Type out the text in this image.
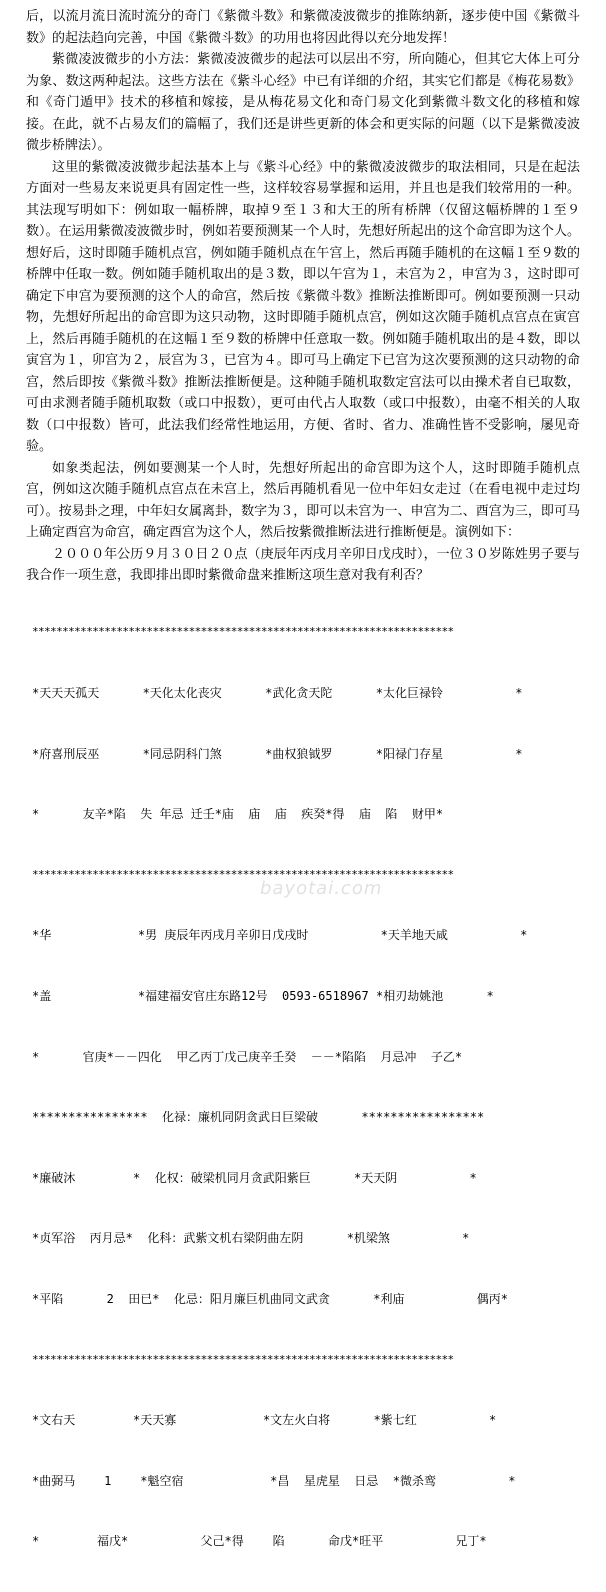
后，以流月流日流时流分的奇门《紫微斗数》和紫微凌波微步的推陈纳新，逐步使中国《紫微斗数》的起法趋向完善，中国《紫微斗数》的功用也将因此得以充分地发挥！

紫微凌波微步的小方法：紫微凌波微步的起法可以层出不穷，所向随心，但其它大体上可分为象、数这两种起法。这些方法在《紫斗心经》中已有详细的介绍，其实它们都是《梅花易数》和《奇门遁甲》技术的移植和嫁接，是从梅花易文化和奇门易文化到紫微斗数文化的移植和嫁接。在此，就不占易友们的篇幅了，我们还是讲些更新的体会和更实际的问题（以下是紫微凌波微步桥牌法）。

这里的紫微凌波微步起法基本上与《紫斗心经》中的紫微凌波微步的取法相同，只是在起法方面对一些易友来说更具有固定性一些，这样较容易掌握和运用，并且也是我们较常用的一种。其法现写明如下：例如取一幅桥牌，取掉９至１３和大王的所有桥牌（仅留这幅桥牌的１至９数）。在运用紫微凌波微步时，例如若要预测某一个人时，先想好所起出的这个命宫即为这个人。想好后，这时即随手随机点宫，例如随手随机点在午宫上，然后再随手随机的在这幅１至９数的桥牌中任取一数。例如随手随机取出的是３数，即以午宫为１，未宫为２，申宫为３，这时即可确定下申宫为要预测的这个人的命宫，然后按《紫微斗数》推断法推断即可。例如要预测一只动物，先想好所起出的命宫即为这只动物，这时即随手随机点宫，例如这次随手随机点宫点在寅宫上，然后再随手随机的在这幅１至９数的桥牌中任意取一数。例如随手随机取出的是４数，即以寅宫为１，卯宫为２，辰宫为３，已宫为４。即可马上确定下已宫为这次要预测的这只动物的命宫，然后即按《紫微斗数》推断法推断便是。这种随手随机取数定宫法可以由操术者自已取数，可由求测者随手随机取数（或口中报数），更可由代占人取数（或口中报数），由毫不相关的人取数（口中报数）皆可，此法我们经常性地运用，方便、省时、省力、准确性皆不受影响，屡见奇验。

如象类起法，例如要测某一个人时，先想好所起出的命宫即为这个人，这时即随手随机点宫，例如这次随手随机点宫点在未宫上，然后再随机看见一位中年妇女走过（在看电视中走过均可）。按易卦之理，中年妇女属离卦，数字为３，即可以未宫为一、申宫为二、酉宫为三，即可马上确定酉宫为命宫，确定酉宫为这个人，然后按紫微推断法进行推断便是。演例如下：

２０００年公历９月３０日２０点（庚辰年丙戌月辛卯日戊戌时），一位３０岁陈姓男子要与我合作一项生意，我即排出即时紫微命盘来推断这项生意对我有利否？

**********************************************************************

*天天天孤天      *天化太化丧灾      *武化贪天陀      *太化巨禄铃          *

*府喜刑辰巫      *同忌阴科门煞      *曲权狼钺罗      *阳禄门存星          *

*      友辛*陷  失 年忌 迁壬*庙  庙  庙  疾癸*得  庙  陷  财甲*

**********************************************************************

*华            *男 庚辰年丙戌月辛卯日戊戌时          *天羊地天咸          *

*盖            *福建福安官庄东路12号  0593-6518967 *相刃劫姚池      *

*      官庚*－－四化  甲乙丙丁戊己庚辛壬癸  －－*陷陷  月忌冲  子乙*

****************  化禄：廉机同阴贪武日巨梁破      *****************

*廉破沐        *  化权：破梁机同月贪武阳紫巨      *天天阴          *

*贞军浴  丙月忌*  化科：武紫文机右梁阴曲左阴      *机梁煞          *

*平陷      2  田已*  化忌：阳月廉巨机曲同文武贪      *利庙          偶丙*

**********************************************************************

*文右天        *天天寡            *文左火白将      *紫七红          *

*曲弼马    1    *魁空宿            *昌  星虎星  日忌  *微杀鸾          *

*        福戊*          父己*得    陷      命戊*旺平          兄丁*

bayotai.com
